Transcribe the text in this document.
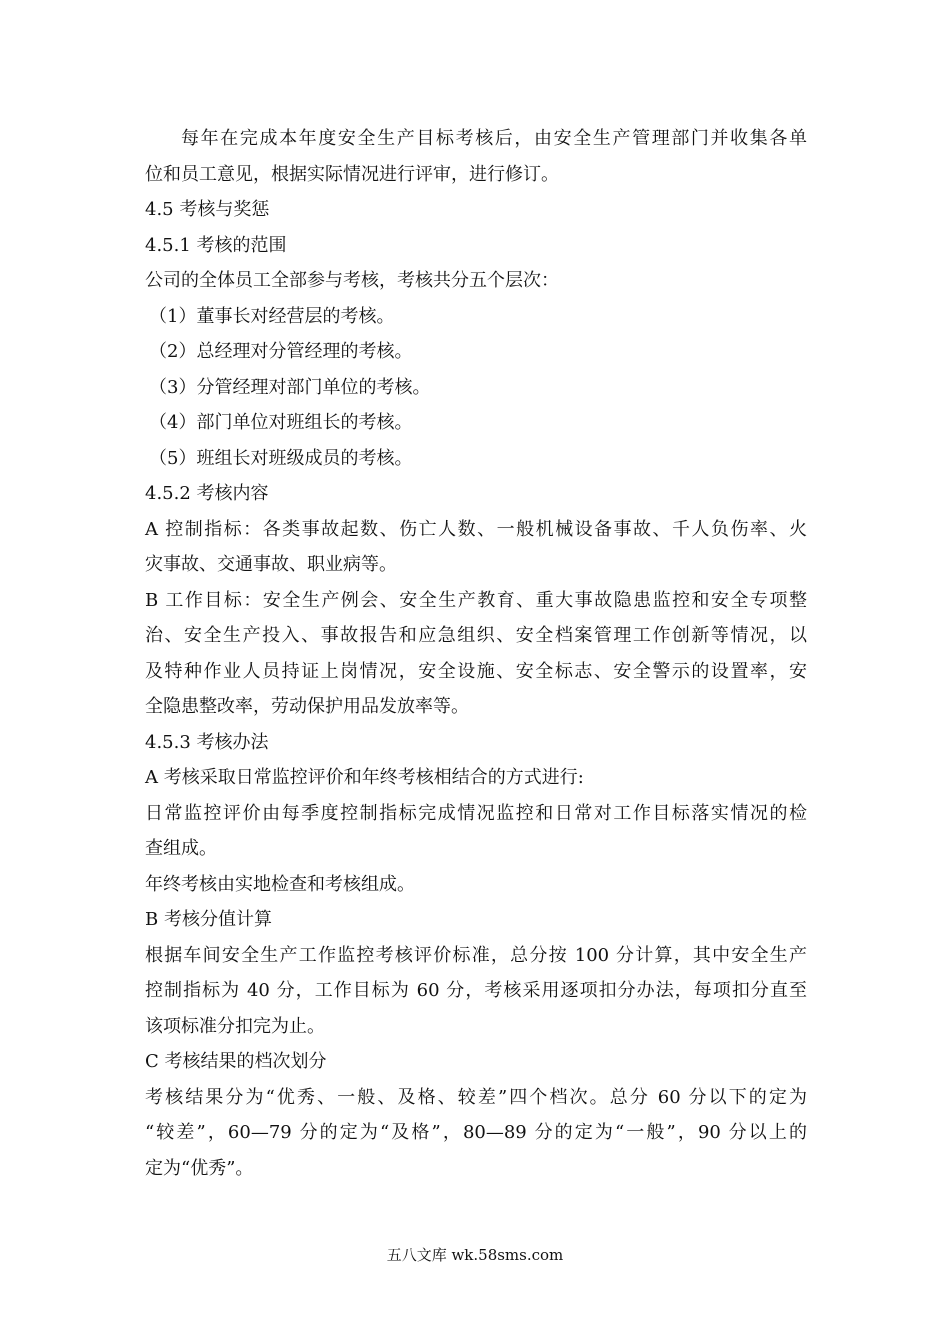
每年在完成本年度安全生产目标考核后，由安全生产管理部门并收集各单
位和员工意见，根据实际情况进行评审，进行修订。
4.5 考核与奖惩
4.5.1 考核的范围
公司的全体员工全部参与考核，考核共分五个层次：
（1）董事长对经营层的考核。
（2）总经理对分管经理的考核。
（3）分管经理对部门单位的考核。
（4）部门单位对班组长的考核。
（5）班组长对班级成员的考核。
4.5.2 考核内容
A 控制指标：各类事故起数、伤亡人数、一般机械设备事故、千人负伤率、火
灾事故、交通事故、职业病等。
B 工作目标：安全生产例会、安全生产教育、重大事故隐患监控和安全专项整
治、安全生产投入、事故报告和应急组织、安全档案管理工作创新等情况，以
及特种作业人员持证上岗情况，安全设施、安全标志、安全警示的设置率，安
全隐患整改率，劳动保护用品发放率等。
4.5.3 考核办法
A 考核采取日常监控评价和年终考核相结合的方式进行:
日常监控评价由每季度控制指标完成情况监控和日常对工作目标落实情况的检
查组成。
年终考核由实地检查和考核组成。
B 考核分值计算
根据车间安全生产工作监控考核评价标准，总分按 100 分计算，其中安全生产
控制指标为 40 分，工作目标为 60 分，考核采用逐项扣分办法，每项扣分直至
该项标准分扣完为止。
C 考核结果的档次划分
考核结果分为“优秀、一般、及格、较差”四个档次。总分 60 分以下的定为
“较差”，60—79 分的定为“及格”，80—89 分的定为“一般”，90 分以上的
定为“优秀”。
五八文库 wk.58sms.com
